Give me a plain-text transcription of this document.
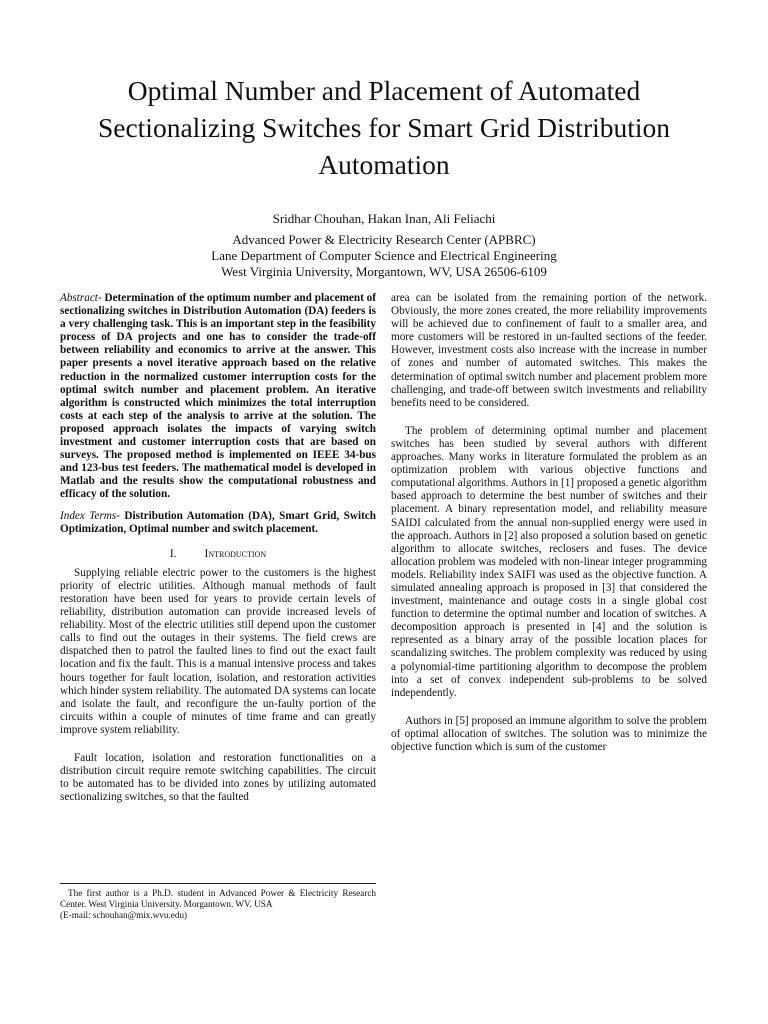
Optimal Number and Placement of Automated Sectionalizing Switches for Smart Grid Distribution Automation
Sridhar Chouhan, Hakan Inan, Ali Feliachi
Advanced Power & Electricity Research Center (APBRC)
Lane Department of Computer Science and Electrical Engineering
West Virginia University, Morgantown, WV, USA 26506-6109

Abstract- Determination of the optimum number and placement of sectionalizing switches in Distribution Automation (DA) feeders is a very challenging task. This is an important step in the feasibility process of DA projects and one has to consider the trade-off between reliability and economics to arrive at the answer. This paper presents a novel iterative approach based on the relative reduction in the normalized customer interruption costs for the optimal switch number and placement problem. An iterative algorithm is constructed which minimizes the total interruption costs at each step of the analysis to arrive at the solution. The proposed approach isolates the impacts of varying switch investment and customer interruption costs that are based on surveys. The proposed method is implemented on IEEE 34-bus and 123-bus test feeders. The mathematical model is developed in Matlab and the results show the computational robustness and efficacy of the solution.

Index Terms- Distribution Automation (DA), Smart Grid, Switch Optimization, Optimal number and switch placement.

I. Introduction

Supplying reliable electric power to the customers is the highest priority of electric utilities. Although manual methods of fault restoration have been used for years to provide certain levels of reliability, distribution automation can provide increased levels of reliability. Most of the electric utilities still depend upon the customer calls to find out the outages in their systems. The field crews are dispatched then to patrol the faulted lines to find out the exact fault location and fix the fault. This is a manual intensive process and takes hours together for fault location, isolation, and restoration activities which hinder system reliability. The automated DA systems can locate and isolate the fault, and reconfigure the un-faulty portion of the circuits within a couple of minutes of time frame and can greatly improve system reliability.

Fault location, isolation and restoration functionalities on a distribution circuit require remote switching capabilities. The circuit to be automated has to be divided into zones by utilizing automated sectionalizing switches, so that the faulted

area can be isolated from the remaining portion of the network. Obviously, the more zones created, the more reliability improvements will be achieved due to confinement of fault to a smaller area, and more customers will be restored in un-faulted sections of the feeder. However, investment costs also increase with the increase in number of zones and number of automated switches. This makes the determination of optimal switch number and placement problem more challenging, and trade-off between switch investments and reliability benefits need to be considered.

The problem of determining optimal number and placement switches has been studied by several authors with different approaches. Many works in literature formulated the problem as an optimization problem with various objective functions and computational algorithms. Authors in [1] proposed a genetic algorithm based approach to determine the best number of switches and their placement. A binary representation model, and reliability measure SAIDI calculated from the annual non-supplied energy were used in the approach. Authors in [2] also proposed a solution based on genetic algorithm to allocate switches, reclosers and fuses. The device allocation problem was modeled with non-linear integer programming models. Reliability index SAIFI was used as the objective function. A simulated annealing approach is proposed in [3] that considered the investment, maintenance and outage costs in a single global cost function to determine the optimal number and location of switches. A decomposition approach is presented in [4] and the solution is represented as a binary array of the possible location places for scandalizing switches. The problem complexity was reduced by using a polynomial-time partitioning algorithm to decompose the problem into a set of convex independent sub-problems to be solved independently.

Authors in [5] proposed an immune algorithm to solve the problem of optimal allocation of switches. The solution was to minimize the objective function which is sum of the customer

The first author is a Ph.D. student in Advanced Power & Electricity Research Center. West Virginia University. Morgantown. WV. USA

(E-mail: schouhan@mix.wvu.edu)
